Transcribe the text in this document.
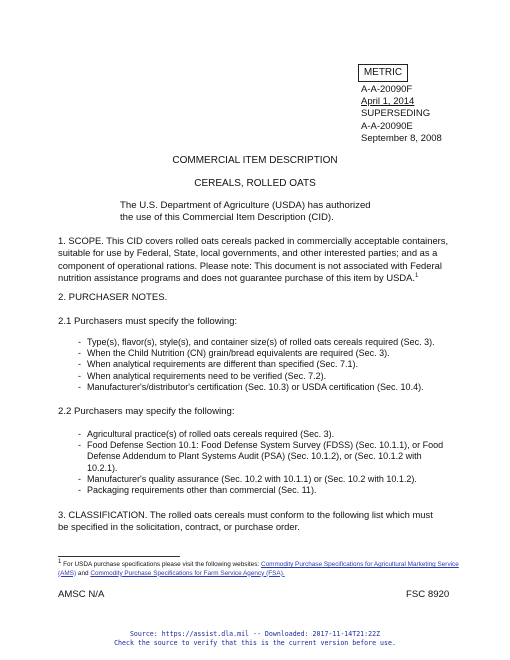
METRIC
A-A-20090F
April 1, 2014
SUPERSEDING
A-A-20090E
September 8, 2008
COMMERCIAL ITEM DESCRIPTION
CEREALS, ROLLED OATS
The U.S. Department of Agriculture (USDA) has authorized
the use of this Commercial Item Description (CID).
1. SCOPE. This CID covers rolled oats cereals packed in commercially acceptable containers,
suitable for use by Federal, State, local governments, and other interested parties; and as a
component of operational rations. Please note: This document is not associated with Federal
nutrition assistance programs and does not guarantee purchase of this item by USDA.$^1$
2. PURCHASER NOTES.
2.1 Purchasers must specify the following:
- Type(s), flavor(s), style(s), and container size(s) of rolled oats cereals required (Sec. 3).
- When the Child Nutrition (CN) grain/bread equivalents are required (Sec. 3).
- When analytical requirements are different than specified (Sec. 7.1).
- When analytical requirements need to be verified (Sec. 7.2).
- Manufacturer's/distributor's certification (Sec. 10.3) or USDA certification (Sec. 10.4).
2.2 Purchasers may specify the following:
- Agricultural practice(s) of rolled oats cereals required (Sec. 3).
- Food Defense Section 10.1: Food Defense System Survey (FDSS) (Sec. 10.1.1), or Food
Defense Addendum to Plant Systems Audit (PSA) (Sec. 10.1.2), or (Sec. 10.1.2 with
10.2.1).
- Manufacturer's quality assurance (Sec. 10.2 with 10.1.1) or (Sec. 10.2 with 10.1.2).
- Packaging requirements other than commercial (Sec. 11).
3. CLASSIFICATION. The rolled oats cereals must conform to the following list which must
be specified in the solicitation, contract, or purchase order.
1 For USDA purchase specifications please visit the following websites: Commodity Purchase Specifications for Agricultural Marketing Service
(AMS) and Commodity Purchase Specifications for Farm Service Agency (FSA).
AMSC N/A	FSC 8920
Source: https://assist.dla.mil -- Downloaded: 2017-11-14T21:22Z
Check the source to verify that this is the current version before use.
